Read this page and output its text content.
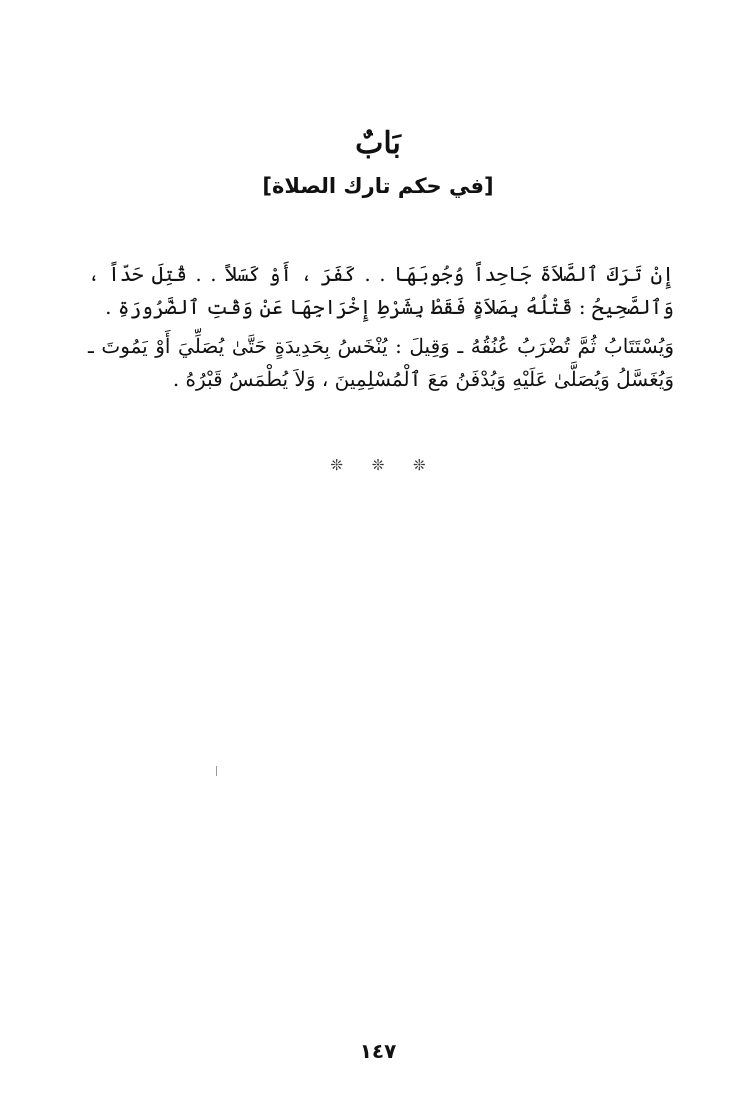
بَابٌ
[في حكم تارك الصلاة]

إِنْ تَرَكَ ٱلصَّلاَةَ جَاحِداً وُجُوبَهَا . . كَفَرَ ، أَوْ كَسَلاً . . قُتِلَ حَدّاً ، وَٱلصَّحِيحُ : قَتْلُهُ بِصَلاَةٍ فَقَطْ بِشَرْطِ إِخْرَاجِهَا عَنْ وَقْتِ ٱلضَّرُورَةِ .

وَيُسْتَتَابُ ثُمَّ تُضْرَبُ عُنُقُهُ ـ وَقِيلَ : يُنْخَسُ بِحَدِيدَةٍ حَتَّىٰ يُصَلِّيَ أَوْ يَمُوتَ ـ وَيُغَسَّلُ وَيُصَلَّىٰ عَلَيْهِ وَيُدْفَنُ مَعَ ٱلْمُسْلِمِينَ ، وَلاَ يُطْمَسُ قَبْرُهُ .

❊ ❊ ❊
١٤٧
